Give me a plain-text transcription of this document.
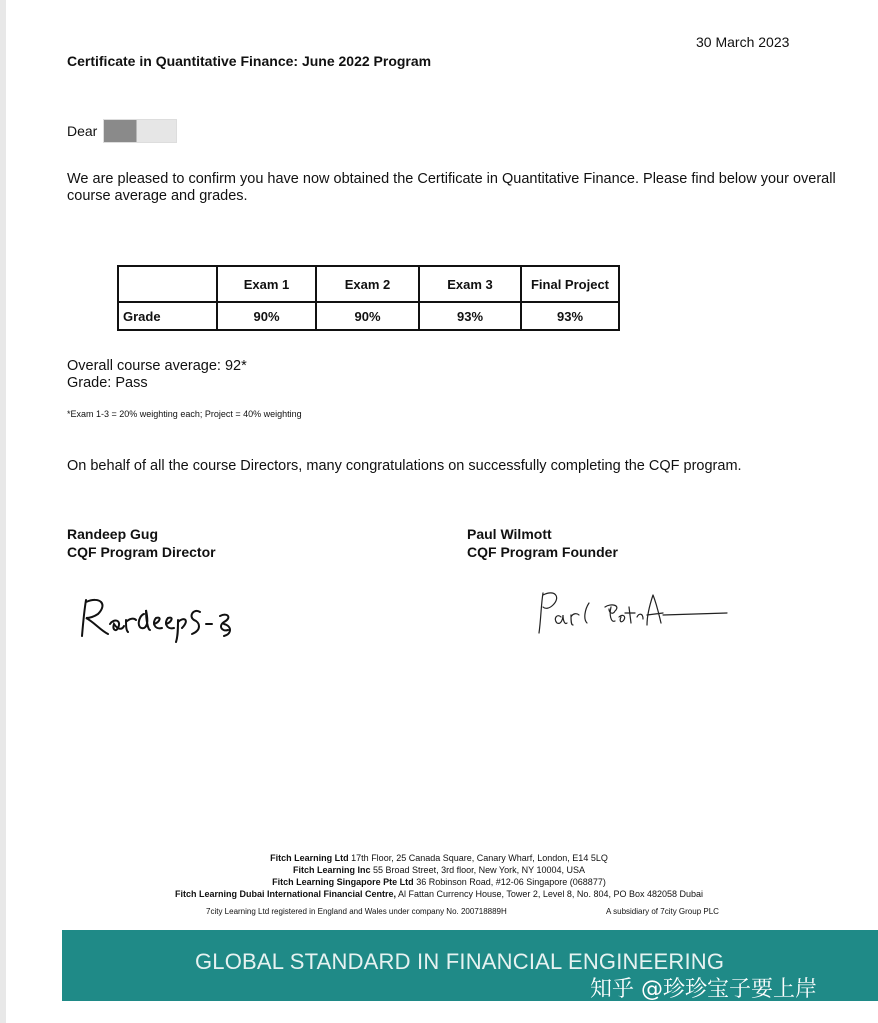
30 March 2023
Certificate in Quantitative Finance: June 2022 Program
Dear
We are pleased to confirm you have now obtained the Certificate in Quantitative Finance. Please find below your overall course average and grades.
	Exam 1	Exam 2	Exam 3	Final Project
Grade	90%	90%	93%	93%
Overall course average: 92*
Grade: Pass
*Exam 1-3 = 20% weighting each; Project = 40% weighting
On behalf of all the course Directors, many congratulations on successfully completing the CQF program.
Randeep Gug
CQF Program Director
Paul Wilmott
CQF Program Founder
Fitch Learning Ltd 17th Floor, 25 Canada Square, Canary Wharf, London, E14 5LQ
Fitch Learning Inc 55 Broad Street, 3rd floor, New York, NY 10004, USA
Fitch Learning Singapore Pte Ltd 36 Robinson Road, #12-06 Singapore (068877)
Fitch Learning Dubai International Financial Centre, Al Fattan Currency House, Tower 2, Level 8, No. 804, PO Box 482058 Dubai
7city Learning Ltd registered in England and Wales under company No. 200718889H	A subsidiary of 7city Group PLC
GLOBAL STANDARD IN FINANCIAL ENGINEERING
知乎 @珍珍宝子要上岸
